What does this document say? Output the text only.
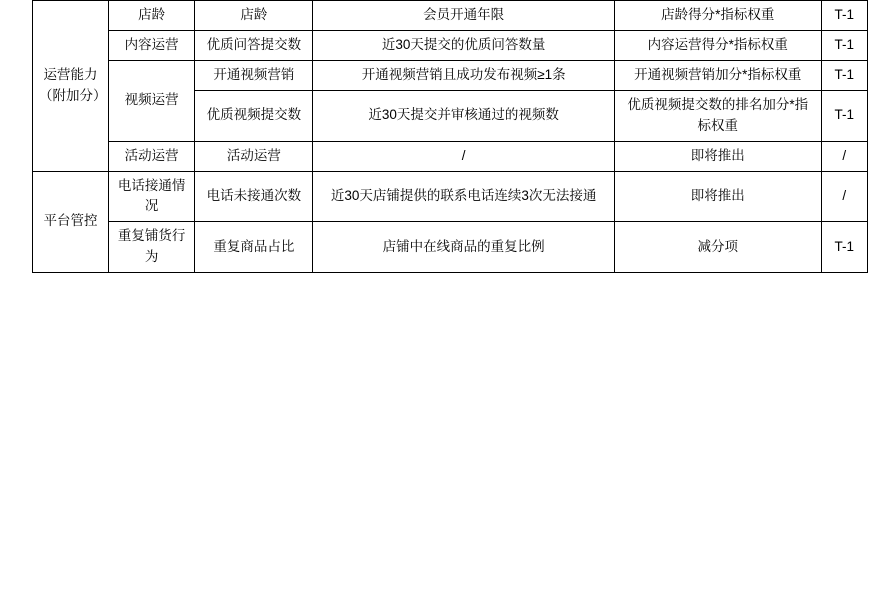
运营能力（附加分）	店龄	店龄	会员开通年限	店龄得分*指标权重	T-1

	内容运营	优质问答提交数	近30天提交的优质问答数量	内容运营得分*指标权重	T-1

	视频运营	开通视频营销	开通视频营销且成功发布视频≥1条	开通视频营销加分*指标权重	T-1

		优质视频提交数	近30天提交并审核通过的视频数	优质视频提交数的排名加分*指标权重	T-1

	活动运营	活动运营	/	即将推出	/

平台管控	电话接通情况	电话未接通次数	近30天店铺提供的联系电话连续3次无法接通	即将推出	/

	重复铺货行为	重复商品占比	店铺中在线商品的重复比例	减分项	T-1
